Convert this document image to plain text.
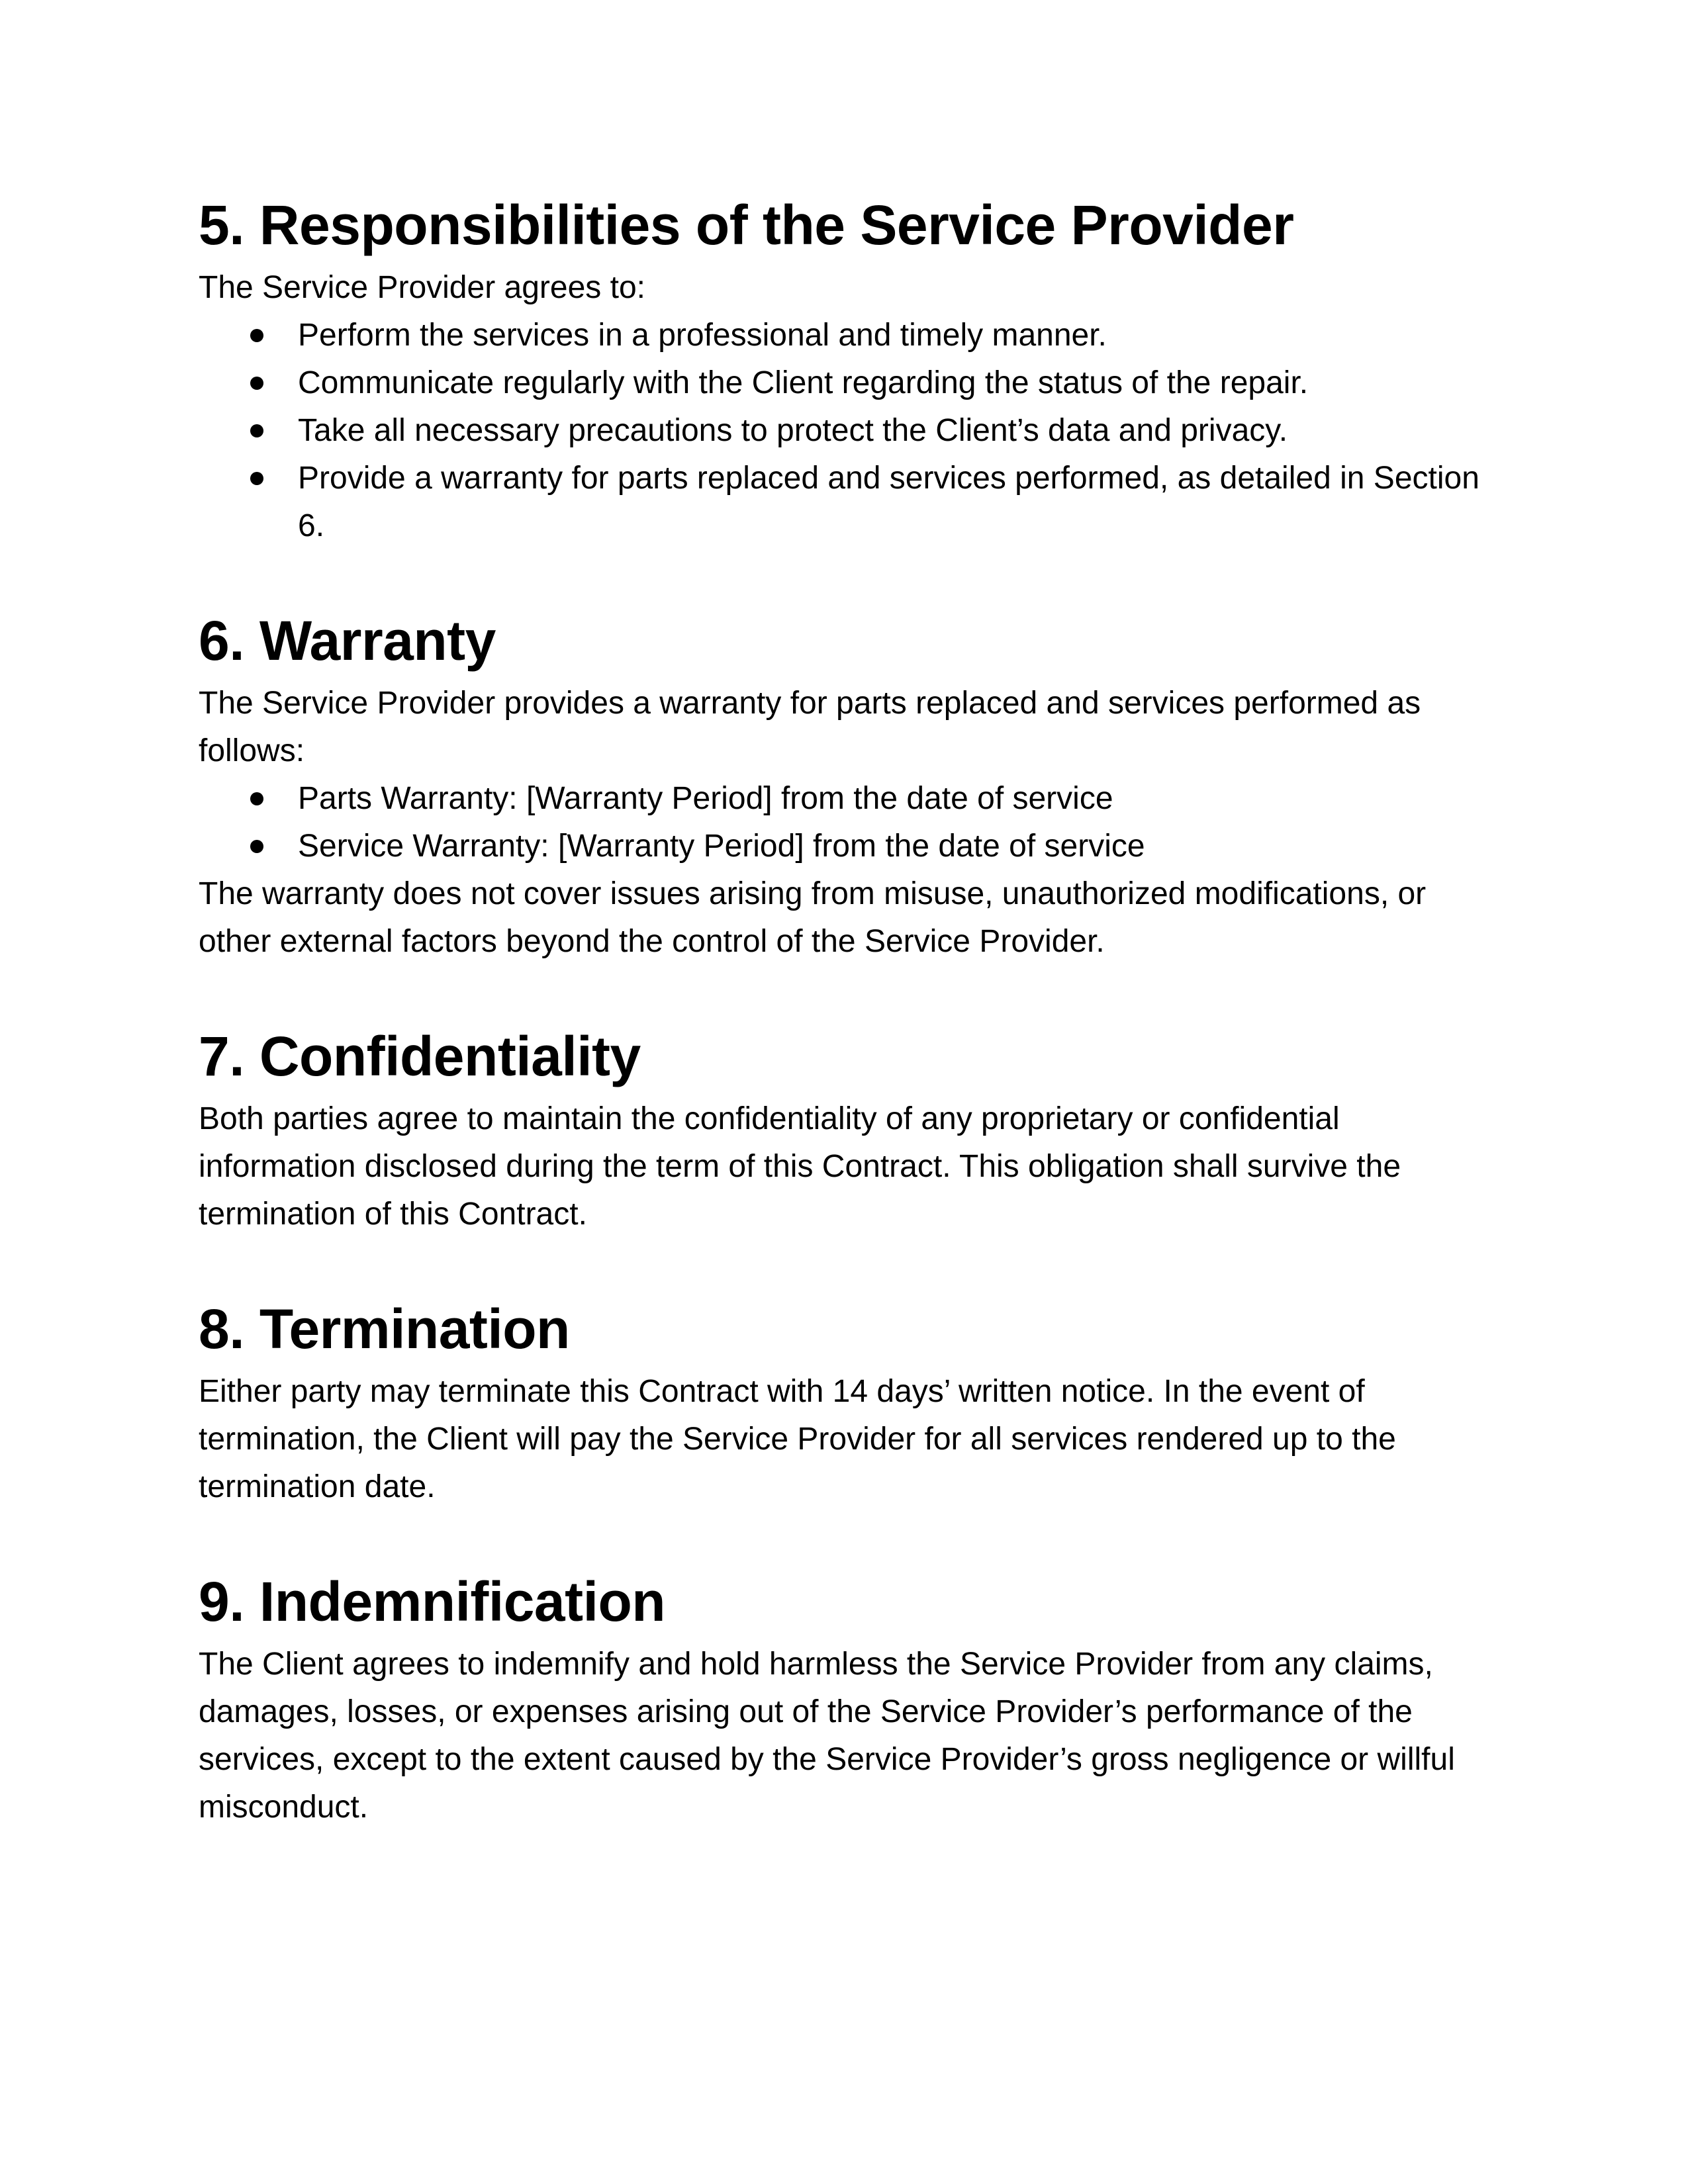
5. Responsibilities of the Service Provider

The Service Provider agrees to:

Perform the services in a professional and timely manner.
Communicate regularly with the Client regarding the status of the repair.
Take all necessary precautions to protect the Client’s data and privacy.
Provide a warranty for parts replaced and services performed, as detailed in Section 6.
6. Warranty

The Service Provider provides a warranty for parts replaced and services performed as follows:

Parts Warranty: [Warranty Period] from the date of service
Service Warranty: [Warranty Period] from the date of service

The warranty does not cover issues arising from misuse, unauthorized modifications, or other external factors beyond the control of the Service Provider.

7. Confidentiality

Both parties agree to maintain the confidentiality of any proprietary or confidential information disclosed during the term of this Contract. This obligation shall survive the termination of this Contract.

8. Termination

Either party may terminate this Contract with 14 days’ written notice. In the event of termination, the Client will pay the Service Provider for all services rendered up to the termination date.

9. Indemnification

The Client agrees to indemnify and hold harmless the Service Provider from any claims, damages, losses, or expenses arising out of the Service Provider’s performance of the services, except to the extent caused by the Service Provider’s gross negligence or willful misconduct.
